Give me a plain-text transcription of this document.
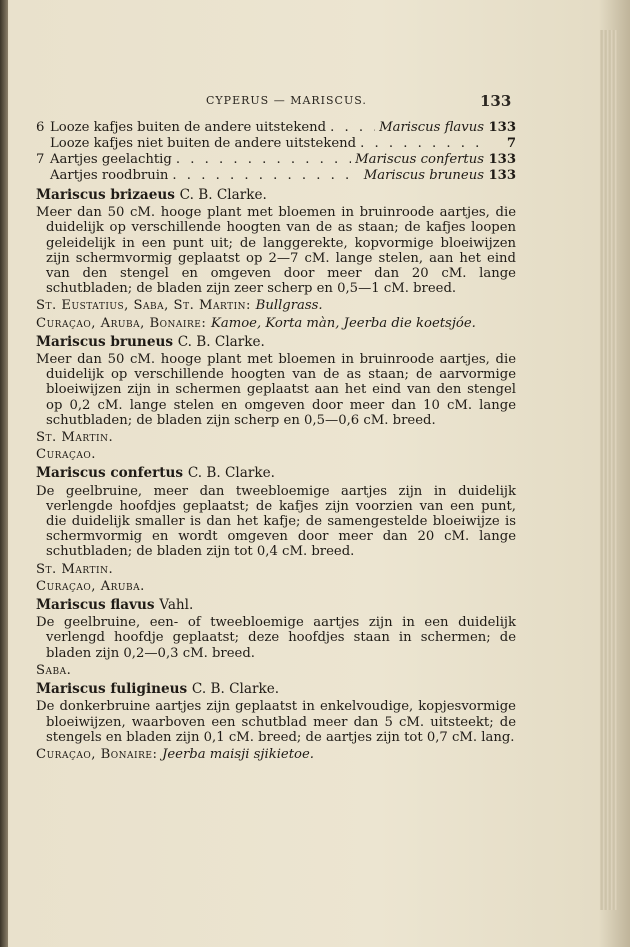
CYPERUS — MARISCUS.	133
6 Looze kafjes buiten de andere uitstekend . . .	Mariscus flavus 133
Looze kafjes niet buiten de andere uitstekend . . .	7
7 Aartjes geelachtig . . .	Mariscus confertus 133
Aartjes roodbruin . . .	Mariscus bruneus 133
Mariscus brizaeus C. B. Clarke.
Meer dan 50 cM. hooge plant met bloemen in bruinroode aartjes, die duidelijk op verschillende hoogten van de as staan; de kafjes loopen geleidelijk in een punt uit; de langgerekte, kopvormige bloeiwijzen zijn schermvormig geplaatst op 2—7 cM. lange stelen, aan het eind van den stengel en omgeven door meer dan 20 cM. lange schutbladen; de bladen zijn zeer scherp en 0,5—1 cM. breed.
St. Eustatius, Saba, St. Martin: Bullgrass.
Curaçao, Aruba, Bonaire: Kamoe, Korta màn, Jeerba die koetsjóe.
Mariscus bruneus C. B. Clarke.
Meer dan 50 cM. hooge plant met bloemen in bruinroode aartjes, die duidelijk op verschillende hoogten van de as staan; de aarvormige bloeiwijzen zijn in schermen geplaatst aan het eind van den stengel op 0,2 cM. lange stelen en omgeven door meer dan 10 cM. lange schutbladen; de bladen zijn scherp en 0,5—0,6 cM. breed.
St. Martin.
Curaçao.
Mariscus confertus C. B. Clarke.
De geelbruine, meer dan tweebloemige aartjes zijn in duidelijk verlengde hoofdjes geplaatst; de kafjes zijn voorzien van een punt, die duidelijk smaller is dan het kafje; de samengestelde bloeiwijze is schermvormig en wordt omgeven door meer dan 20 cM. lange schutbladen; de bladen zijn tot 0,4 cM. breed.
St. Martin.
Curaçao, Aruba.
Mariscus flavus Vahl.
De geelbruine, een- of tweebloemige aartjes zijn in een duidelijk verlengd hoofdje geplaatst; deze hoofdjes staan in schermen; de bladen zijn 0,2—0,3 cM. breed.
Saba.
Mariscus fuligineus C. B. Clarke.
De donkerbruine aartjes zijn geplaatst in enkelvoudige, kopjesvormige bloeiwijzen, waarboven een schutblad meer dan 5 cM. uitsteekt; de stengels en bladen zijn 0,1 cM. breed; de aartjes zijn tot 0,7 cM. lang.
Curaçao, Bonaire: Jeerba maisji sjikietoe.
